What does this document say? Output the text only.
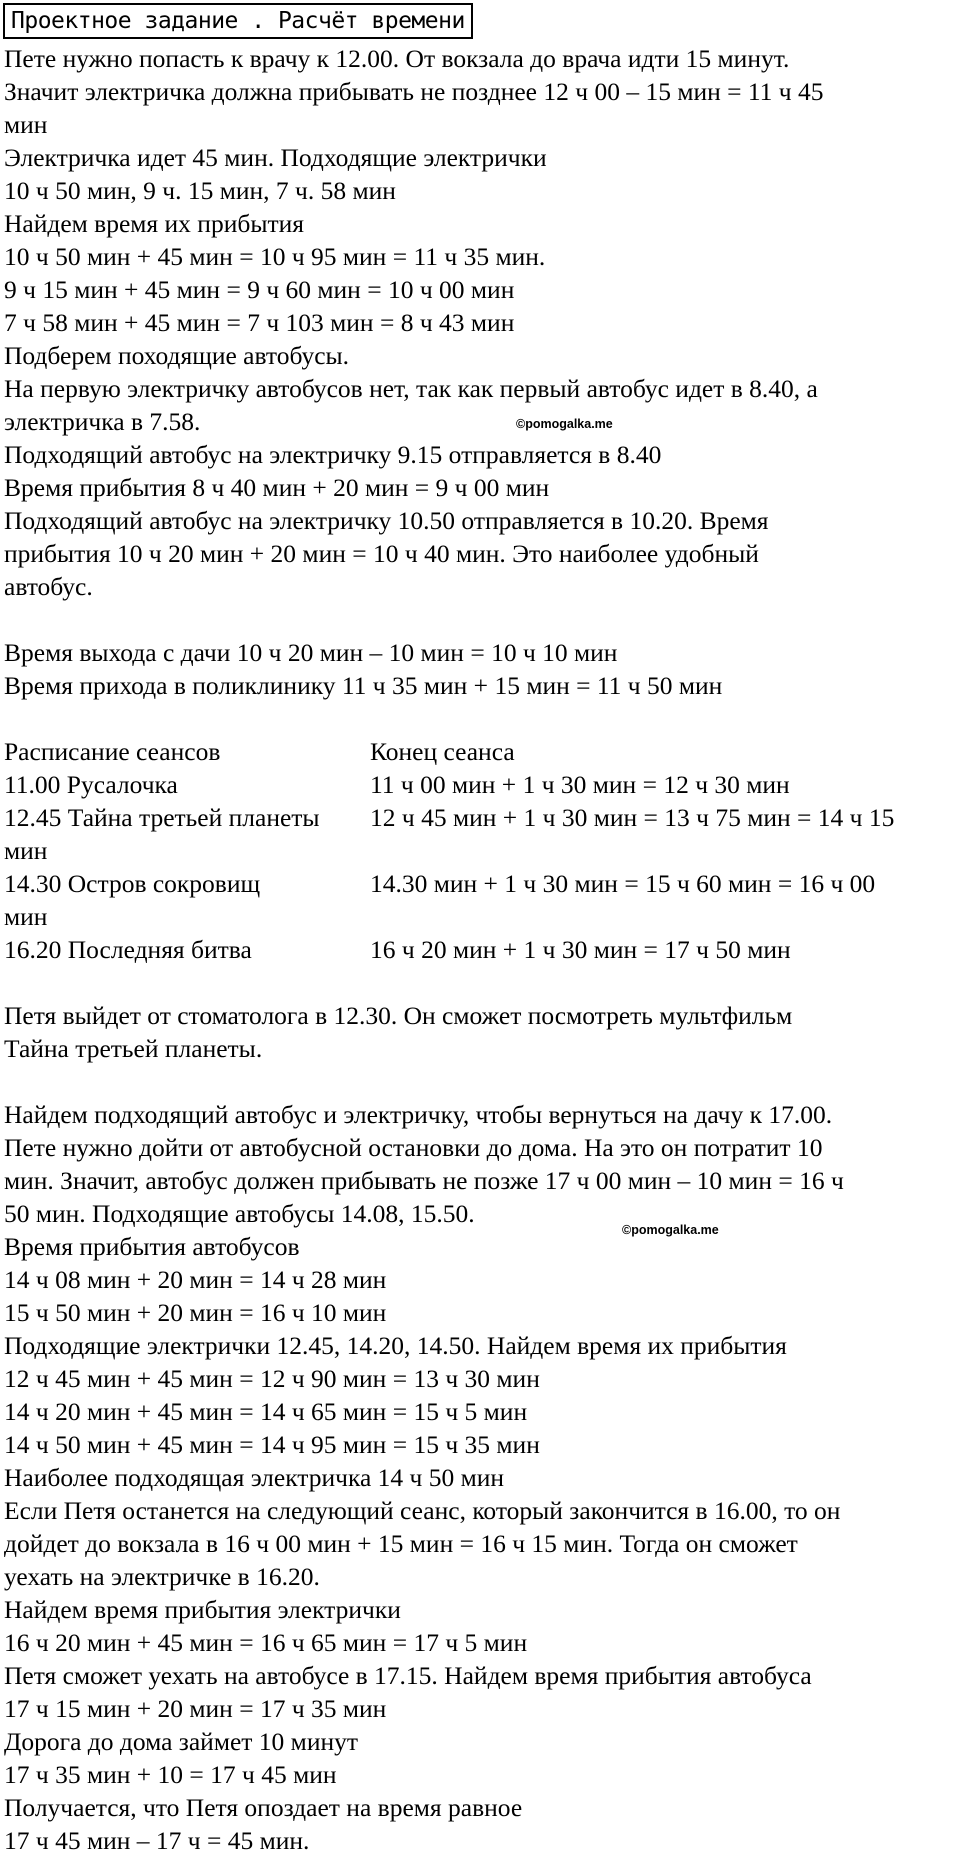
Проектное задание . Расчёт времени
Пете нужно попасть к врачу к 12.00. От вокзала до врача идти 15 минут.
Значит электричка должна прибывать не позднее 12 ч 00 – 15 мин = 11 ч 45
мин
Электричка идет 45 мин. Подходящие электрички
10 ч 50 мин, 9 ч. 15 мин, 7 ч. 58 мин
Найдем время их прибытия
10 ч 50 мин + 45 мин = 10 ч 95 мин = 11 ч 35 мин.
9 ч 15 мин + 45 мин = 9 ч 60 мин = 10 ч 00 мин
7 ч 58 мин + 45 мин = 7 ч 103 мин = 8 ч 43 мин
Подберем походящие автобусы.
На первую электричку автобусов нет, так как первый автобус идет в 8.40, а
электричка в 7.58.
Подходящий автобус на электричку 9.15 отправляется в 8.40
Время прибытия 8 ч 40 мин + 20 мин = 9 ч 00 мин
Подходящий автобус на электричку 10.50 отправляется в 10.20. Время
прибытия 10 ч 20 мин + 20 мин = 10 ч 40 мин. Это наиболее удобный
автобус.
Время выхода с дачи 10 ч 20 мин – 10 мин = 10 ч 10 мин
Время прихода в поликлинику 11 ч 35 мин + 15 мин = 11 ч 50 мин
Расписание сеансов	Конец сеанса
11.00 Русалочка	11 ч 00 мин + 1 ч 30 мин = 12 ч 30 мин
12.45 Тайна третьей планеты 12 ч 45 мин + 1 ч 30 мин = 13 ч 75 мин = 14 ч 15
мин
14.30 Остров сокровищ	14.30 мин + 1 ч 30 мин = 15 ч 60 мин = 16 ч 00
мин
16.20 Последняя битва	16 ч 20 мин + 1 ч 30 мин = 17 ч 50 мин
Петя выйдет от стоматолога в 12.30. Он сможет посмотреть мультфильм
Тайна третьей планеты.
Найдем подходящий автобус и электричку, чтобы вернуться на дачу к 17.00.
Пете нужно дойти от автобусной остановки до дома. На это он потратит 10
мин. Значит, автобус должен прибывать не позже 17 ч 00 мин – 10 мин = 16 ч
50 мин. Подходящие автобусы 14.08, 15.50.
Время прибытия автобусов
14 ч 08 мин + 20 мин = 14 ч 28 мин
15 ч 50 мин + 20 мин = 16 ч 10 мин
Подходящие электрички 12.45, 14.20, 14.50. Найдем время их прибытия
12 ч 45 мин + 45 мин = 12 ч 90 мин = 13 ч 30 мин
14 ч 20 мин + 45 мин = 14 ч 65 мин = 15 ч 5 мин
14 ч 50 мин + 45 мин = 14 ч 95 мин = 15 ч 35 мин
Наиболее подходящая электричка 14 ч 50 мин
Если Петя останется на следующий сеанс, который закончится в 16.00, то он
дойдет до вокзала в 16 ч 00 мин + 15 мин = 16 ч 15 мин. Тогда он сможет
уехать на электричке в 16.20.
Найдем время прибытия электрички
16 ч 20 мин + 45 мин = 16 ч 65 мин = 17 ч 5 мин
Петя сможет уехать на автобусе в 17.15. Найдем время прибытия автобуса
17 ч 15 мин + 20 мин = 17 ч 35 мин
Дорога до дома займет 10 минут
17 ч 35 мин + 10 = 17 ч 45 мин
Получается, что Петя опоздает на время равное
17 ч 45 мин – 17 ч = 45 мин.
©pomogalka.me
©pomogalka.me
